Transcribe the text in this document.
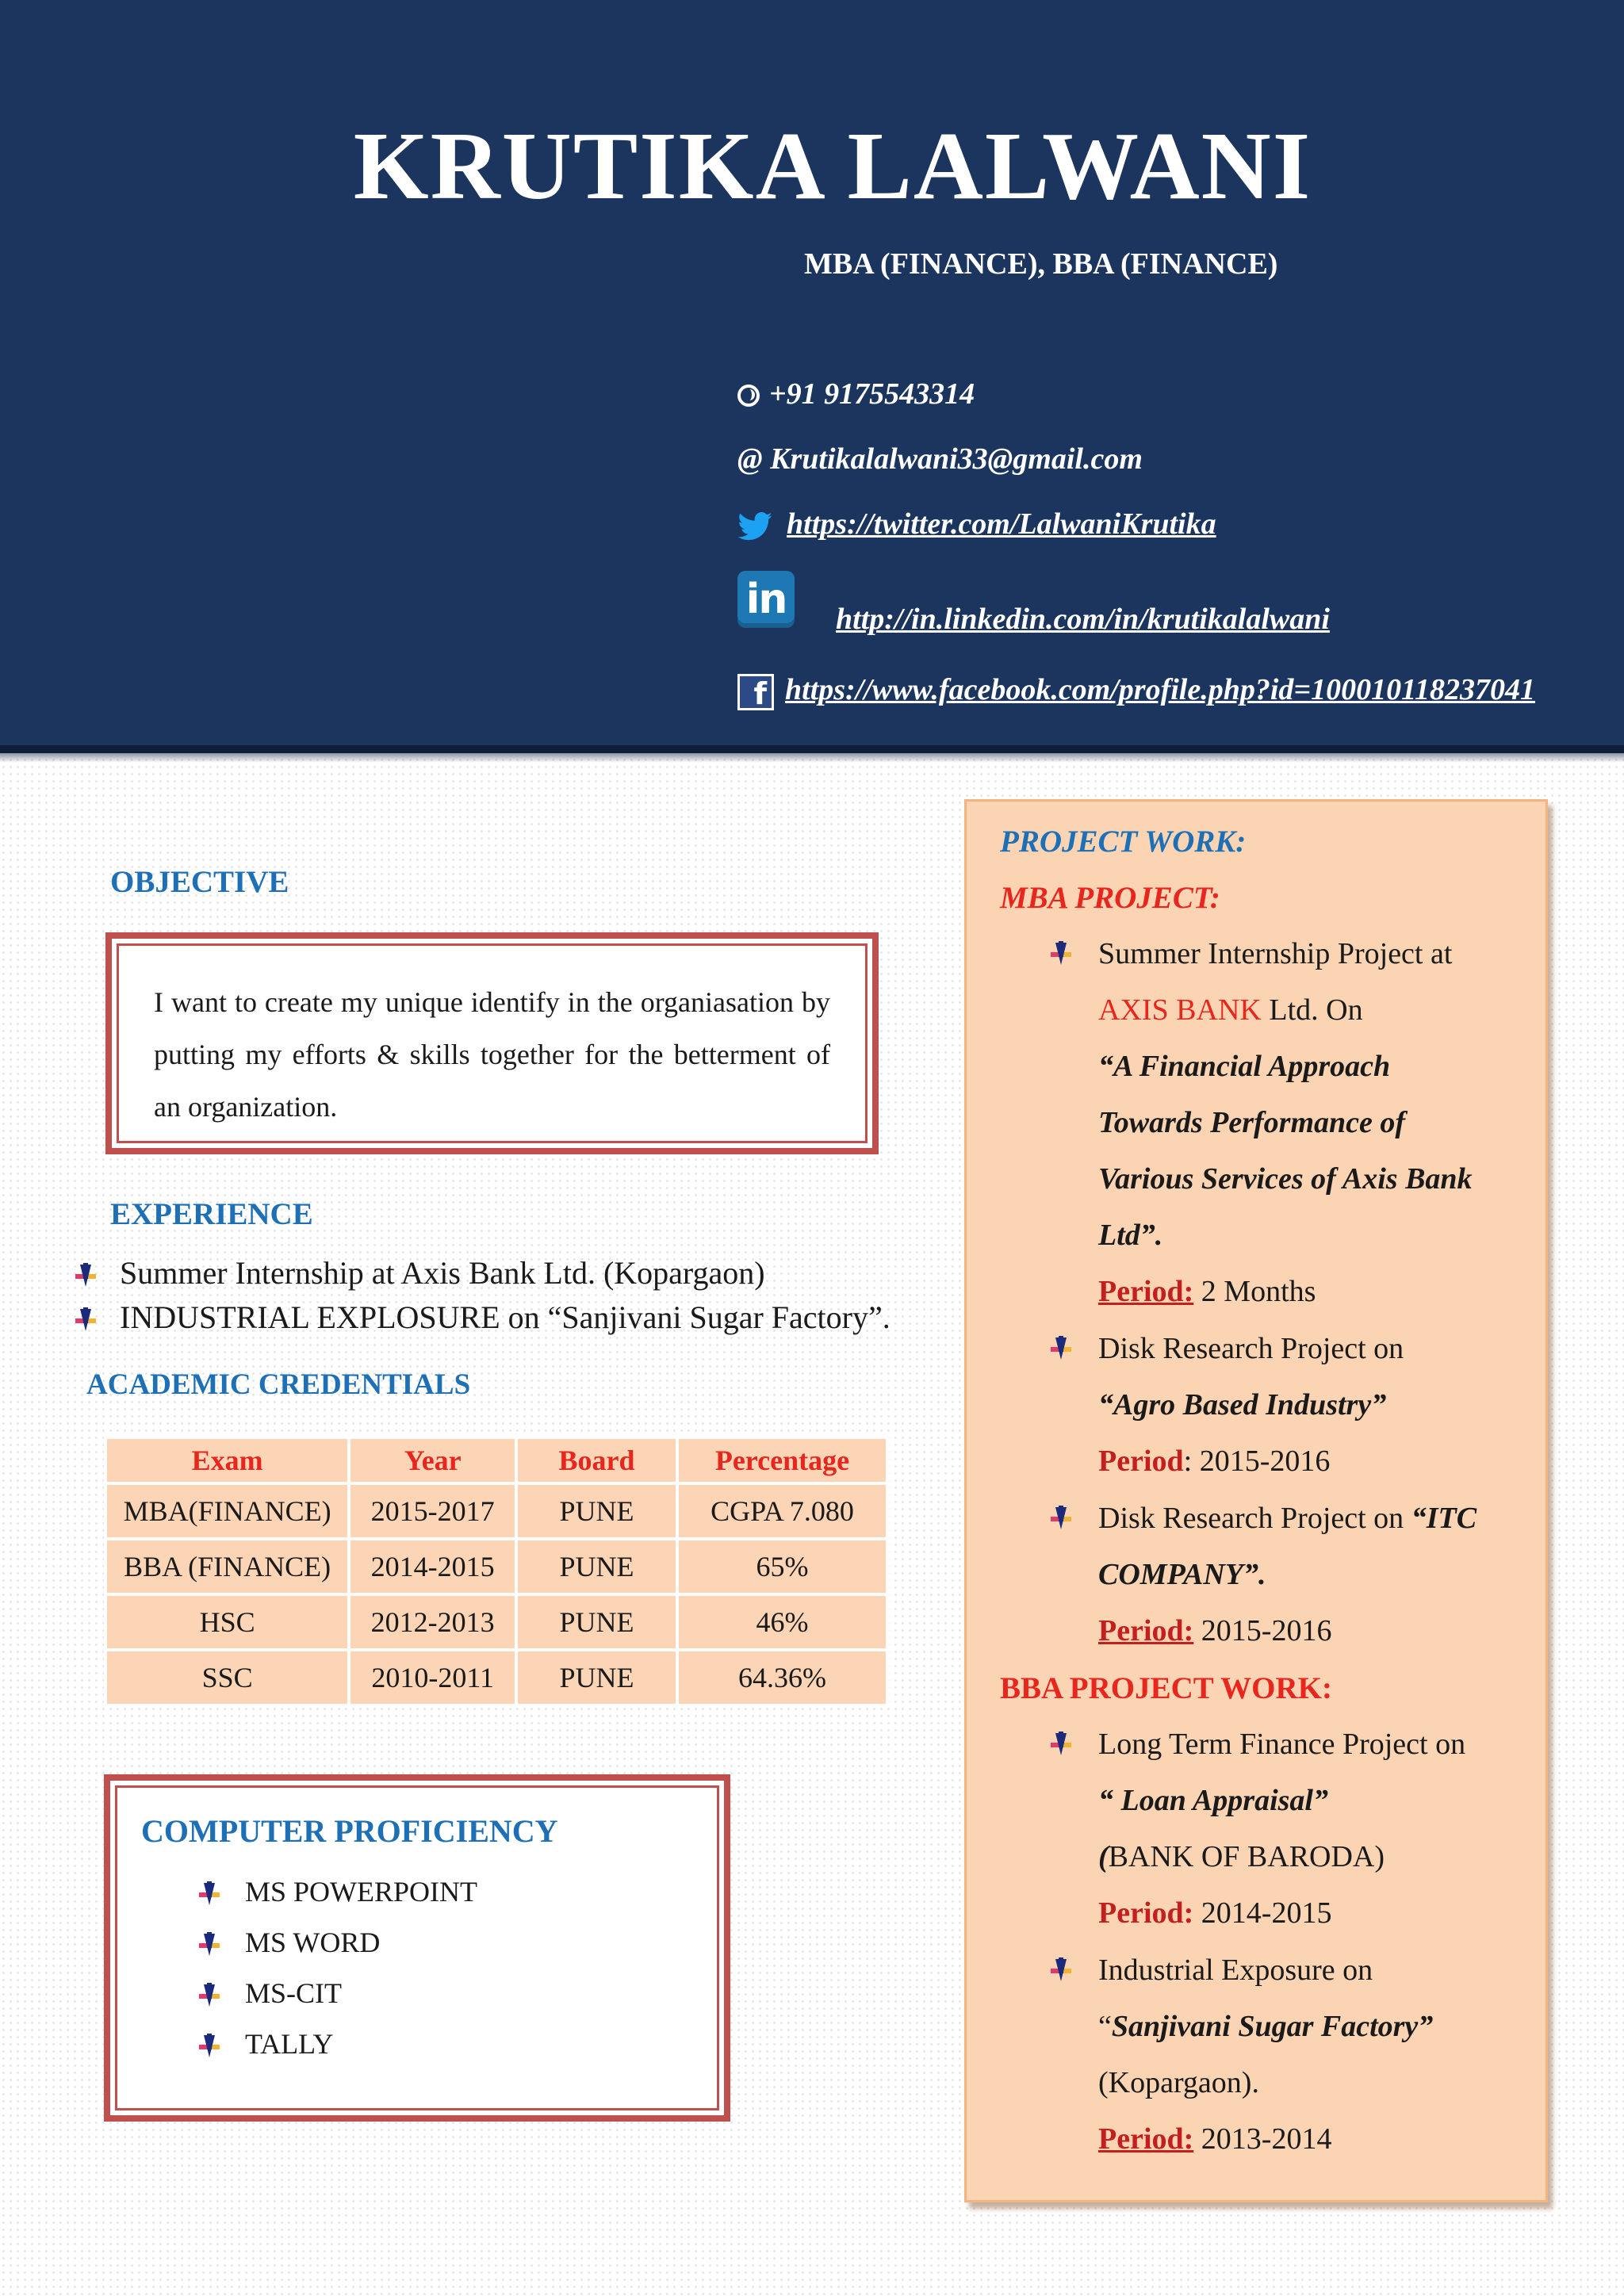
KRUTIKA LALWANI
MBA (FINANCE), BBA (FINANCE)
+91 9175543314
@ Krutikalalwani33@gmail.com
https://twitter.com/LalwaniKrutika
in http://in.linkedin.com/in/krutikalalwani
f https://www.facebook.com/profile.php?id=100010118237041
OBJECTIVE
I want to create my unique identify in the organiasation by putting my efforts & skills together for the betterment of an organization.
EXPERIENCE
Summer Internship at Axis Bank Ltd. (Kopargaon)
INDUSTRIAL EXPLOSURE on “Sanjivani Sugar Factory”.
ACADEMIC CREDENTIALS
Exam	Year	Board	Percentage
MBA(FINANCE)	2015-2017	PUNE	CGPA 7.080
BBA (FINANCE)	2014-2015	PUNE	65%
HSC	2012-2013	PUNE	46%
SSC	2010-2011	PUNE	64.36%
COMPUTER PROFICIENCY
MS POWERPOINT
MS WORD
MS-CIT
TALLY
PROJECT WORK:
MBA PROJECT:
Summer Internship Project at
AXIS BANK Ltd. On
“A Financial Approach
Towards Performance of
Various Services of Axis Bank
Ltd”.
Period: 2 Months
Disk Research Project on
“Agro Based Industry”
Period: 2015-2016
Disk Research Project on “ITC
COMPANY”.
Period: 2015-2016
BBA PROJECT WORK:
Long Term Finance Project on
“ Loan Appraisal”
(BANK OF BARODA)
Period: 2014-2015
Industrial Exposure on
“Sanjivani Sugar Factory”
(Kopargaon).
Period: 2013-2014
